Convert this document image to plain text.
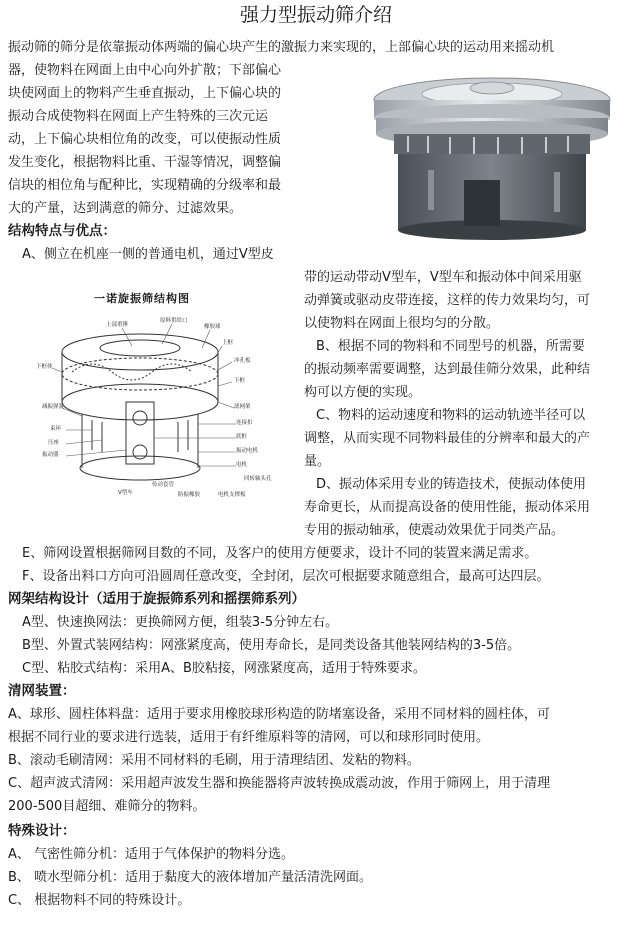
强力型振动筛介绍
振动筛的筛分是依靠振动体两端的偏心块产生的激振力来实现的，上部偏心块的运动用来摇动机
器，使物料在网面上由中心向外扩散；下部偏心
块使网面上的物料产生垂直振动，上下偏心块的
振动合成使物料在网面上产生特殊的三次元运
动，上下偏心块相位角的改变，可以使振动性质
发生变化，根据物料比重、干湿等情况，调整偏
信块的相位角与配种比，实现精确的分级率和最
大的产量，达到满意的筛分、过滤效果。
结构特点与优点：
A、侧立在机座一侧的普通电机，通过V型皮
带的运动带动V型车，V型车和振动体中间采用驱
动弹簧或驱动皮带连接，这样的传力效果均匀，可
以使物料在网面上很均匀的分散。
B、根据不同的物料和不同型号的机器，所需要
的振动频率需要调整，达到最佳筛分效果，此种结
构可以方便的实现。
C、物料的运动速度和物料的运动轨迹半径可以
调整，从而实现不同物料最佳的分辨率和最大的产
量。
D、振动体采用专业的铸造技术，使振动体使用
寿命更长，从而提高设备的使用性能，振动体采用
专用的振动轴承，使震动效果优于同类产品。
一诺旋振筛结构图
上部重锤
原料供给口
橡胶球
上框
冲孔板
下框
下框体
滤网架
连接扣
底框
减振弹簧
束环
压座
振动电机
电机
振动器
传动套管
防振橡胶	电机支撑板
回转轴头孔
V型车
E、筛网设置根据筛网目数的不同，及客户的使用方便要求，设计不同的装置来满足需求。
F、设备出料口方向可沿圆周任意改变，全封闭，层次可根据要求随意组合，最高可达四层。
网架结构设计（适用于旋振筛系列和摇摆筛系列）
A型、快速换网法：更换筛网方便，组装3-5分钟左右。
B型、外置式装网结构：网涨紧度高，使用寿命长，是同类设备其他装网结构的3-5倍。
C型、粘胶式结构：采用A、B胶粘接，网涨紧度高，适用于特殊要求。
清网装置：
A、球形、圆柱体料盘：适用于要求用橡胶球形构造的防堵塞设备，采用不同材料的圆柱体，可
根据不同行业的要求进行选装，适用于有纤维原料等的清网，可以和球形同时使用。
B、滚动毛刷清网：采用不同材料的毛刷，用于清理结团、发粘的物料。
C、超声波式清网：采用超声波发生器和换能器将声波转换成震动波，作用于筛网上，用于清理
200-500目超细、难筛分的物料。
特殊设计：
A、 气密性筛分机：适用于气体保护的物料分选。
B、 喷水型筛分机：适用于黏度大的液体增加产量活清洗网面。
C、 根据物料不同的特殊设计。
